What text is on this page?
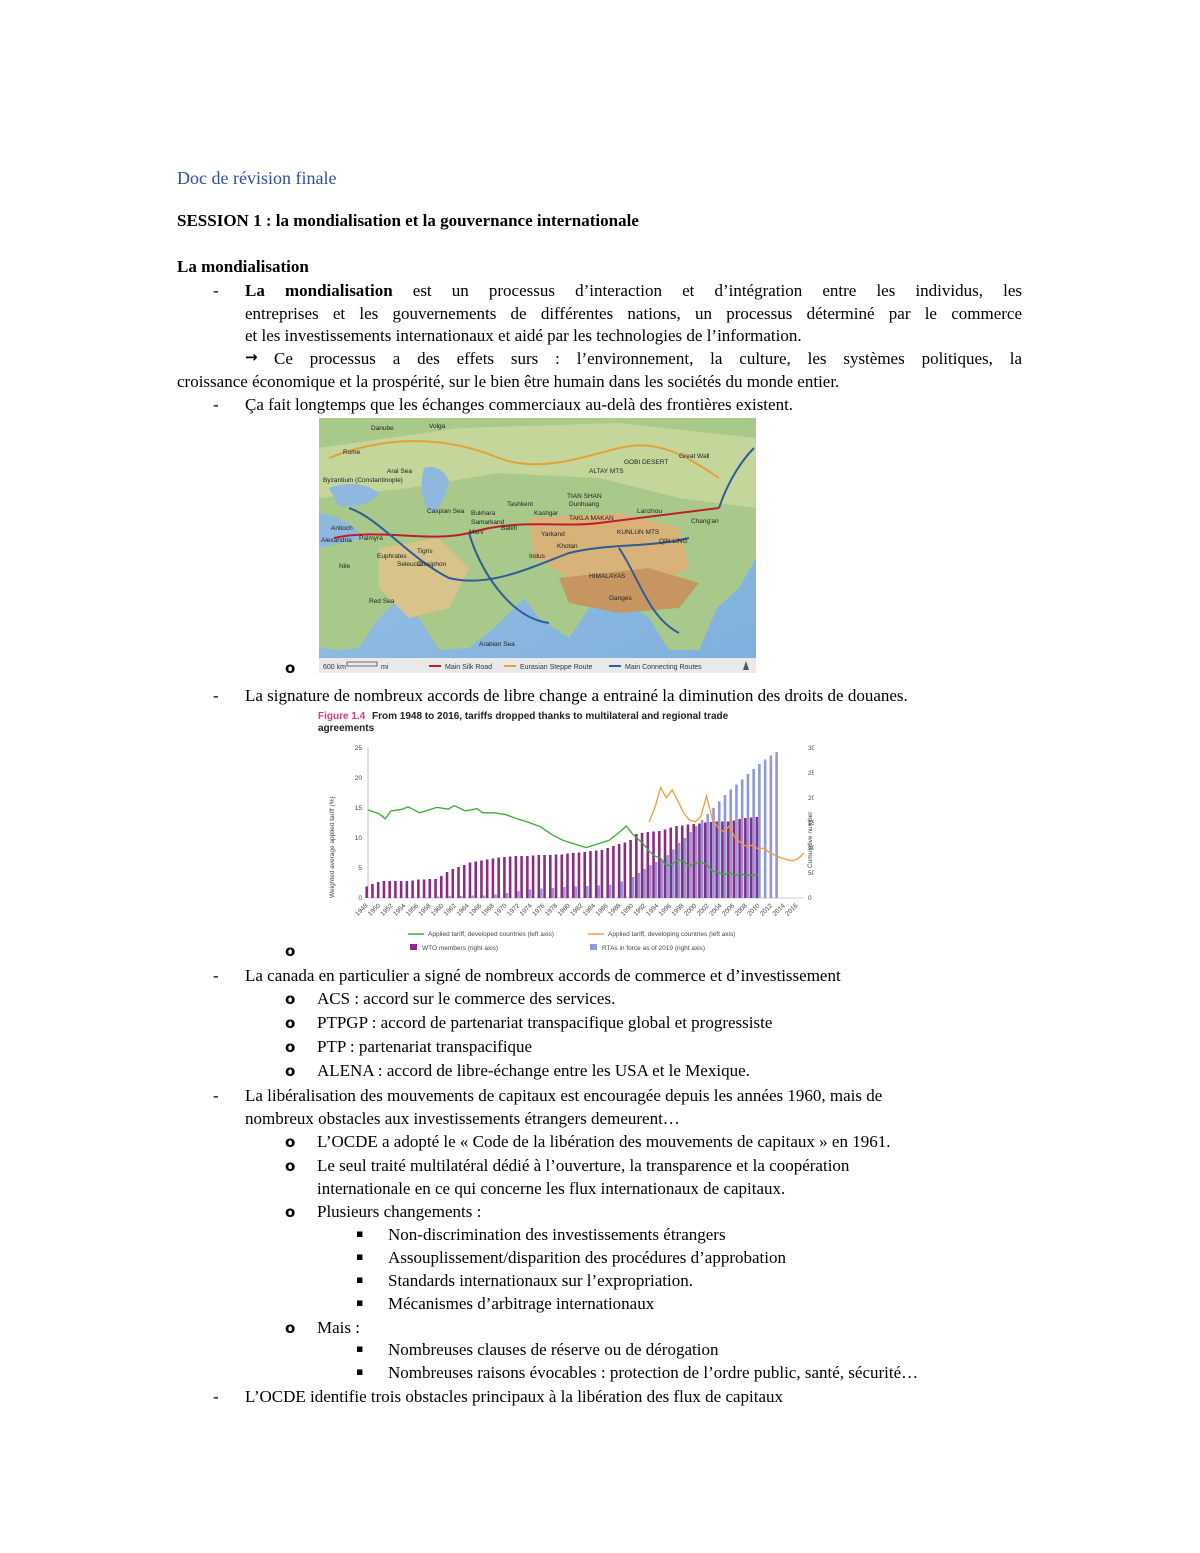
Doc de révision finale
SESSION 1 : la mondialisation et la gouvernance internationale
La mondialisation
- La mondialisation est un processus d’interaction et d’intégration entre les individus, les
entreprises et les gouvernements de différentes nations, un processus déterminé par le commerce
et les investissements internationaux et aidé par les technologies de l’information.
→ Ce processus a des effets surs : l’environnement, la culture, les systèmes politiques, la
croissance économique et la prospérité, sur le bien être humain dans les sociétés du monde entier.
- Ça fait longtemps que les échanges commerciaux au-delà des frontières existent.
o
Danube	Volga
Rome
Aral Sea	ALTAY MTS
GOBI DESERT
Great Wall
Byzantium (Constantinople)
Caspian Sea Bukhara
Samarkand
Merv
Kashgar
TAKLA MAKAN
Dunhuang
Lanzhou
Chang'an
TIAN SHAN
KUNLUN MTS
Antioch
Palmyra
Alexandria
Seleucia
Euphrates
Balkh
Indus
Ganges
HIMALAYAS
Arabian Sea
Tigris
Nile
Red Sea
QIN LING
Ctesiphon
Tashkent
Khotan
Yarkand
600 km	mi	Main Silk Road	Eurasian Steppe Route	Main Connecting Routes
- La signature de nombreux accords de libre change a entrainé la diminution des droits de douanes.
o
Figure 1.4 From 1948 to 2016, tariffs dropped thanks to multilateral and regional trade
agreements
0
5
10
15
20
25
0
50
10
15
20
25
30
1948
1950
1952
1954
1956
1958
1960
1962
1964
1966
1968
1970
1972
1974
1976
1978
1980
1982
1984
1986
1988
1990
1992
1994
1996
1998
2000
2002
2004
2006
2008
2010
2012
2014
2016
Weighted average applied tariff (%)	Cumulative number
Applied tariff, developed countries (left axis)	Applied tariff, developing countries (left axis)
WTO members (right axis)	RTAs in force as of 2019 (right axis)
- La canada en particulier a signé de nombreux accords de commerce et d’investissement
o ACS : accord sur le commerce des services.
o PTPGP : accord de partenariat transpacifique global et progressiste
o PTP : partenariat transpacifique
o ALENA : accord de libre-échange entre les USA et le Mexique.
- La libéralisation des mouvements de capitaux est encouragée depuis les années 1960, mais de
nombreux obstacles aux investissements étrangers demeurent…
o L’OCDE a adopté le « Code de la libération des mouvements de capitaux » en 1961.
o Le seul traité multilatéral dédié à l’ouverture, la transparence et la coopération
internationale en ce qui concerne les flux internationaux de capitaux.
o Plusieurs changements :
▪ Non-discrimination des investissements étrangers
▪ Assouplissement/disparition des procédures d’approbation
▪ Standards internationaux sur l’expropriation.
▪ Mécanismes d’arbitrage internationaux
o Mais :
▪ Nombreuses clauses de réserve ou de dérogation
▪ Nombreuses raisons évocables : protection de l’ordre public, santé, sécurité…
- L’OCDE identifie trois obstacles principaux à la libération des flux de capitaux
